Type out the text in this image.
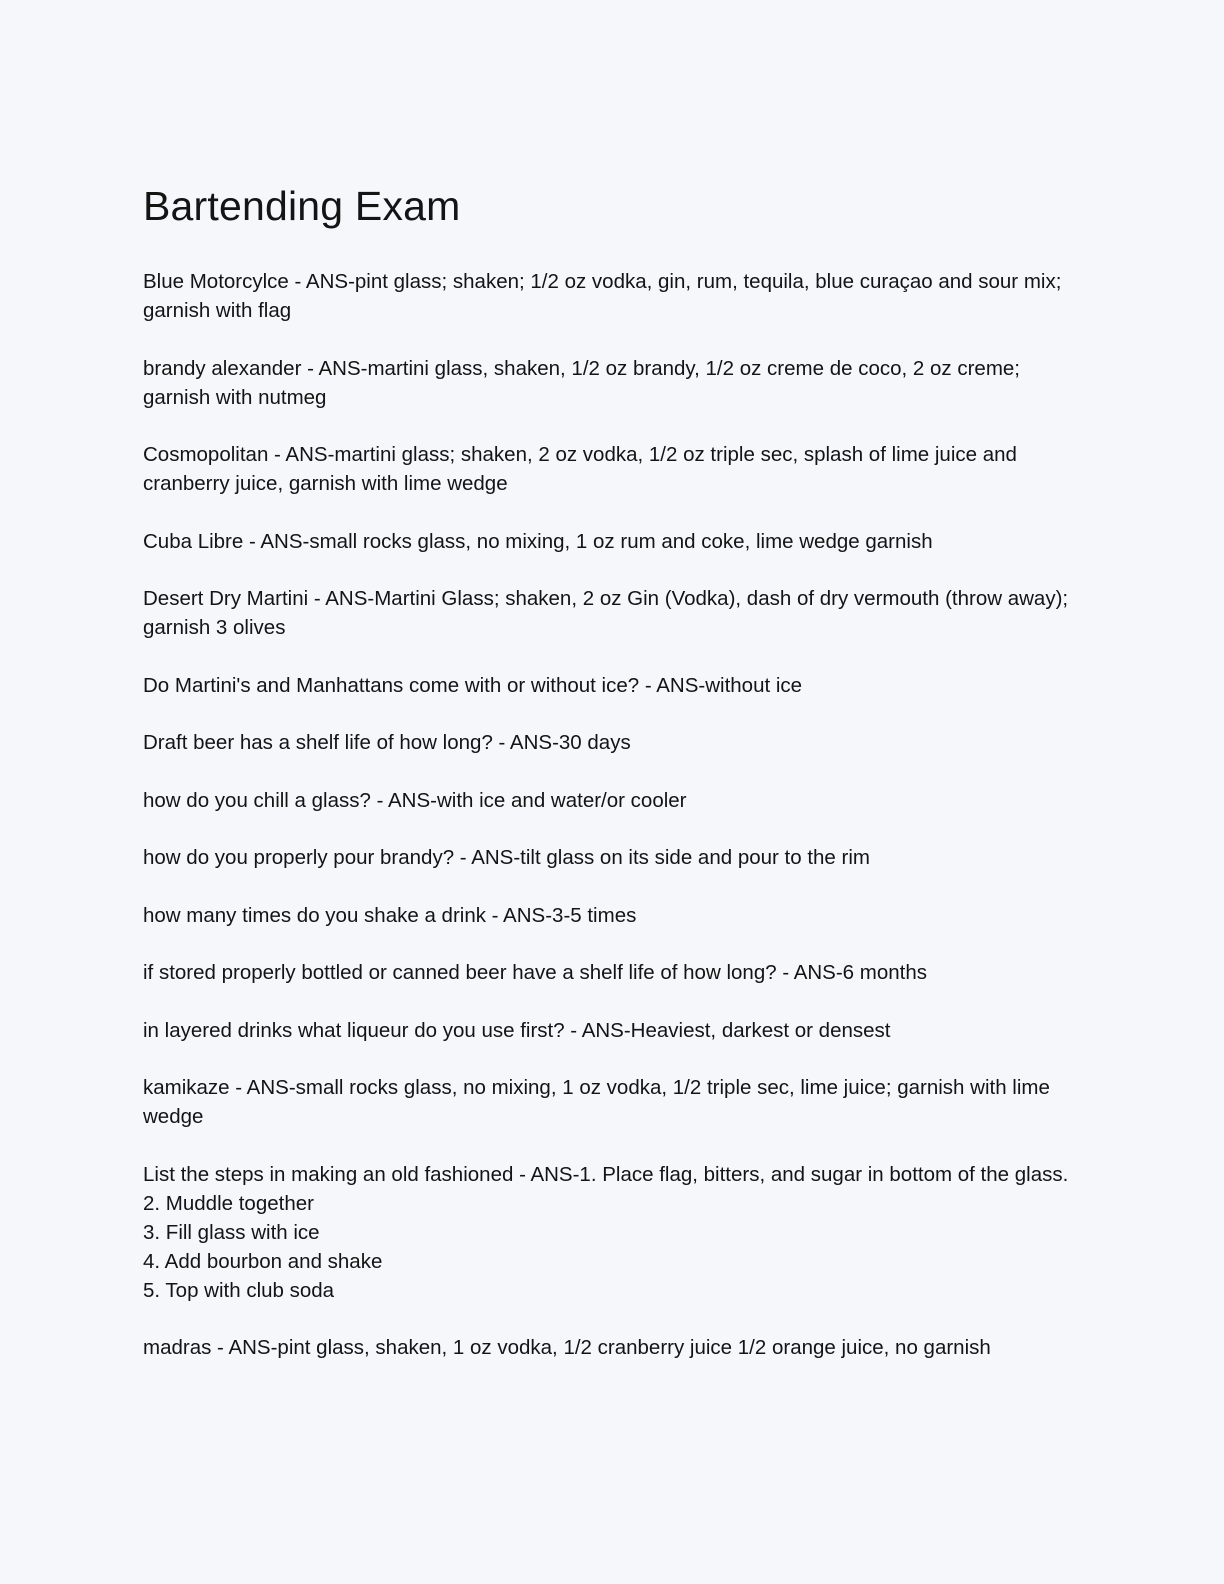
Bartending Exam

Blue Motorcylce - ANS-pint glass; shaken; 1/2 oz vodka, gin, rum, tequila, blue curaçao and sour mix; garnish with flag

brandy alexander - ANS-martini glass, shaken, 1/2 oz brandy, 1/2 oz creme de coco, 2 oz creme; garnish with nutmeg

Cosmopolitan - ANS-martini glass; shaken, 2 oz vodka, 1/2 oz triple sec, splash of lime juice and cranberry juice, garnish with lime wedge

Cuba Libre - ANS-small rocks glass, no mixing, 1 oz rum and coke, lime wedge garnish

Desert Dry Martini - ANS-Martini Glass; shaken, 2 oz Gin (Vodka), dash of dry vermouth (throw away); garnish 3 olives

Do Martini's and Manhattans come with or without ice? - ANS-without ice

Draft beer has a shelf life of how long? - ANS-30 days

how do you chill a glass? - ANS-with ice and water/or cooler

how do you properly pour brandy? - ANS-tilt glass on its side and pour to the rim

how many times do you shake a drink - ANS-3-5 times

if stored properly bottled or canned beer have a shelf life of how long? - ANS-6 months

in layered drinks what liqueur do you use first? - ANS-Heaviest, darkest or densest

kamikaze - ANS-small rocks glass, no mixing, 1 oz vodka, 1/2 triple sec, lime juice; garnish with lime wedge

List the steps in making an old fashioned - ANS-1. Place flag, bitters, and sugar in bottom of the glass.
2. Muddle together
3. Fill glass with ice
4. Add bourbon and shake
5. Top with club soda

madras - ANS-pint glass, shaken, 1 oz vodka, 1/2 cranberry juice 1/2 orange juice, no garnish
